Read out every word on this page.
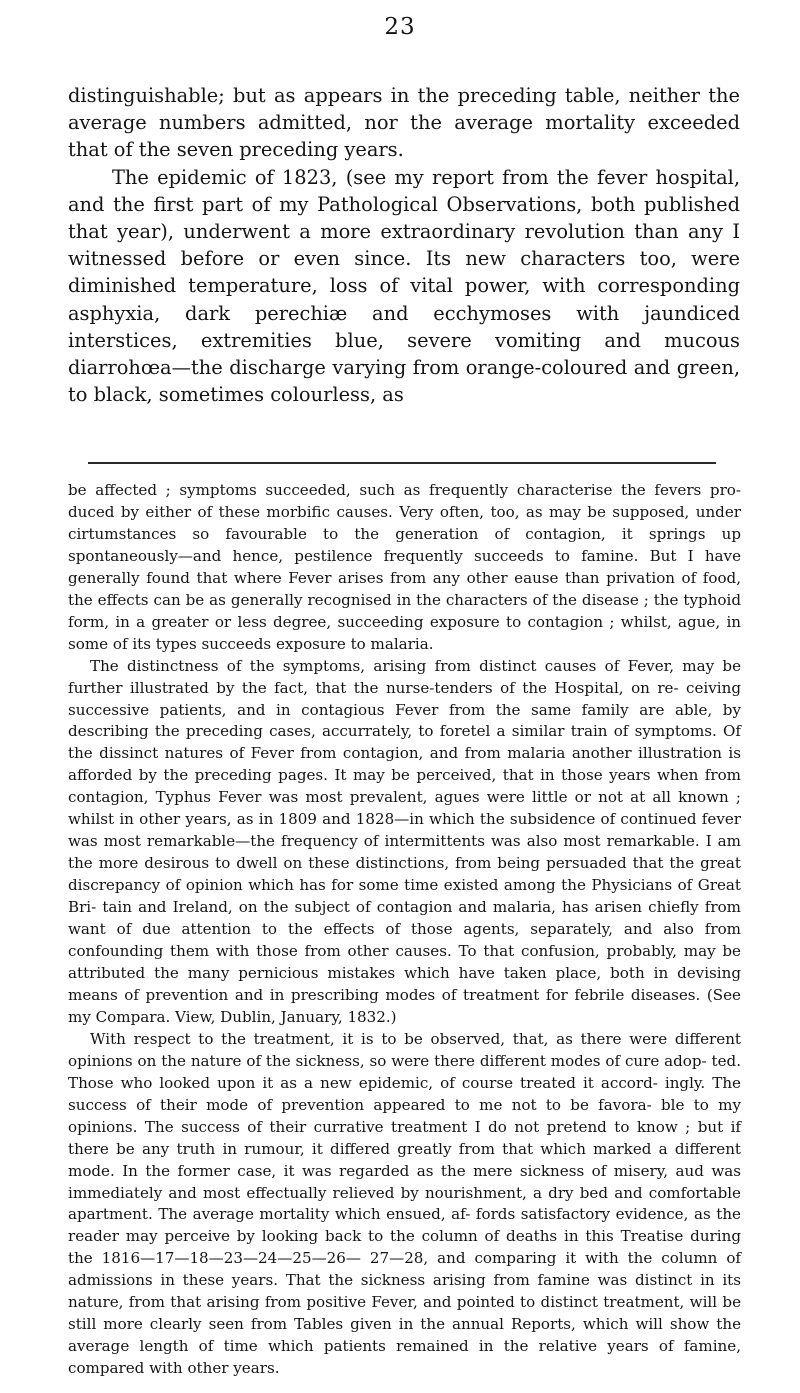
23

distinguishable; but as appears in the preceding table, neither the average numbers admitted, nor the average mortality exceeded that of the seven preceding years.

The epidemic of 1823, (see my report from the fever hospital, and the first part of my Pathological Observations, both published that year), underwent a more extraordinary revolution than any I witnessed before or even since. Its new characters too, were diminished temperature, loss of vital power, with corresponding asphyxia, dark perechiæ and ecchymoses with jaundiced interstices, extremities blue, severe vomiting and mucous diarrohœa—the discharge varying from orange-coloured and green, to black, sometimes colourless, as

be affected ; symptoms succeeded, such as frequently characterise the fevers pro- duced by either of these morbific causes. Very often, too, as may be supposed, under cirtumstances so favourable to the generation of contagion, it springs up spontaneously—and hence, pestilence frequently succeeds to famine. But I have generally found that where Fever arises from any other eause than privation of food, the effects can be as generally recognised in the characters of the disease ; the typhoid form, in a greater or less degree, succeeding exposure to contagion ; whilst, ague, in some of its types succeeds exposure to malaria.

The distinctness of the symptoms, arising from distinct causes of Fever, may be further illustrated by the fact, that the nurse-tenders of the Hospital, on re- ceiving successive patients, and in contagious Fever from the same family are able, by describing the preceding cases, accurrately, to foretel a similar train of symptoms. Of the dissinct natures of Fever from contagion, and from malaria another illustration is afforded by the preceding pages. It may be perceived, that in those years when from contagion, Typhus Fever was most prevalent, agues were little or not at all known ; whilst in other years, as in 1809 and 1828—in which the subsidence of continued fever was most remarkable—the frequency of intermittents was also most remarkable. I am the more desirous to dwell on these distinctions, from being persuaded that the great discrepancy of opinion which has for some time existed among the Physicians of Great Bri- tain and Ireland, on the subject of contagion and malaria, has arisen chiefly from want of due attention to the effects of those agents, separately, and also from confounding them with those from other causes. To that confusion, probably, may be attributed the many pernicious mistakes which have taken place, both in devising means of prevention and in prescribing modes of treatment for febrile diseases. (See my Compara. View, Dublin, January, 1832.)

With respect to the treatment, it is to be observed, that, as there were different opinions on the nature of the sickness, so were there different modes of cure adop- ted. Those who looked upon it as a new epidemic, of course treated it accord- ingly. The success of their mode of prevention appeared to me not to be favora- ble to my opinions. The success of their currative treatment I do not pretend to know ; but if there be any truth in rumour, it differed greatly from that which marked a different mode. In the former case, it was regarded as the mere sickness of misery, aud was immediately and most effectually relieved by nourishment, a dry bed and comfortable apartment. The average mortality which ensued, af- fords satisfactory evidence, as the reader may perceive by looking back to the column of deaths in this Treatise during the 1816—17—18—23—24—25—26— 27—28, and comparing it with the column of admissions in these years. That the sickness arising from famine was distinct in its nature, from that arising from positive Fever, and pointed to distinct treatment, will be still more clearly seen from Tables given in the annual Reports, which will show the average length of time which patients remained in the relative years of famine, compared with other years.
